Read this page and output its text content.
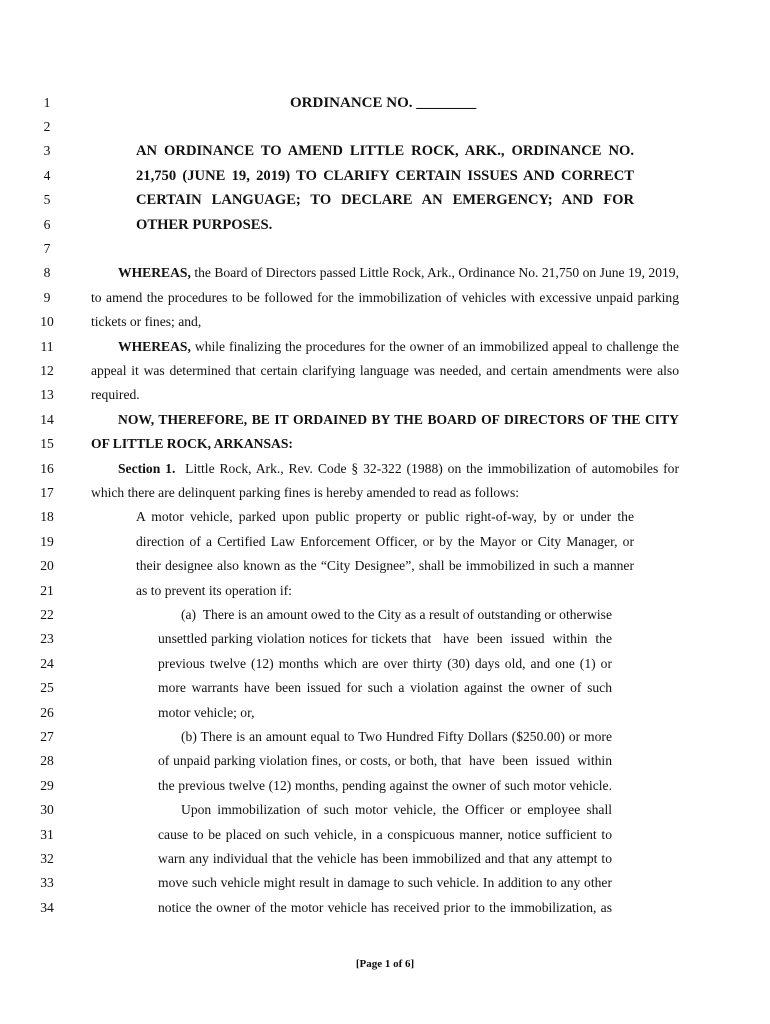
1	ORDINANCE NO. ________
2
3	AN ORDINANCE TO AMEND LITTLE ROCK, ARK., ORDINANCE NO.
4	21,750 (JUNE 19, 2019) TO CLARIFY CERTAIN ISSUES AND CORRECT
5	CERTAIN LANGUAGE; TO DECLARE AN EMERGENCY; AND FOR
6	OTHER PURPOSES.
7
8	WHEREAS, the Board of Directors passed Little Rock, Ark., Ordinance No. 21,750 on June 19, 2019,
9	to amend the procedures to be followed for the immobilization of vehicles with excessive unpaid parking
10	tickets or fines; and,
11	WHEREAS, while finalizing the procedures for the owner of an immobilized appeal to challenge the
12	appeal it was determined that certain clarifying language was needed, and certain amendments were also
13	required.
14	NOW, THEREFORE, BE IT ORDAINED BY THE BOARD OF DIRECTORS OF THE CITY
15	OF LITTLE ROCK, ARKANSAS:
16	Section 1.  Little Rock, Ark., Rev. Code § 32-322 (1988) on the immobilization of automobiles for
17	which there are delinquent parking fines is hereby amended to read as follows:
18	A motor vehicle, parked upon public property or public right-of-way, by or under the
19	direction of a Certified Law Enforcement Officer, or by the Mayor or City Manager, or
20	their designee also known as the “City Designee”, shall be immobilized in such a manner
21	as to prevent its operation if:
22	(a)  There is an amount owed to the City as a result of outstanding or otherwise
23	unsettled parking violation notices for tickets that   have  been  issued  within  the
24	previous twelve (12) months which are over thirty (30) days old, and one (1) or
25	more warrants have been issued for such a violation against the owner of such
26	motor vehicle; or,
27	(b) There is an amount equal to Two Hundred Fifty Dollars ($250.00) or more
28	of unpaid parking violation fines, or costs, or both, that  have  been  issued  within
29	the previous twelve (12) months, pending against the owner of such motor vehicle.
30	Upon immobilization of such motor vehicle, the Officer or employee shall
31	cause to be placed on such vehicle, in a conspicuous manner, notice sufficient to
32	warn any individual that the vehicle has been immobilized and that any attempt to
33	move such vehicle might result in damage to such vehicle. In addition to any other
34	notice the owner of the motor vehicle has received prior to the immobilization, as
[Page 1 of 6]
